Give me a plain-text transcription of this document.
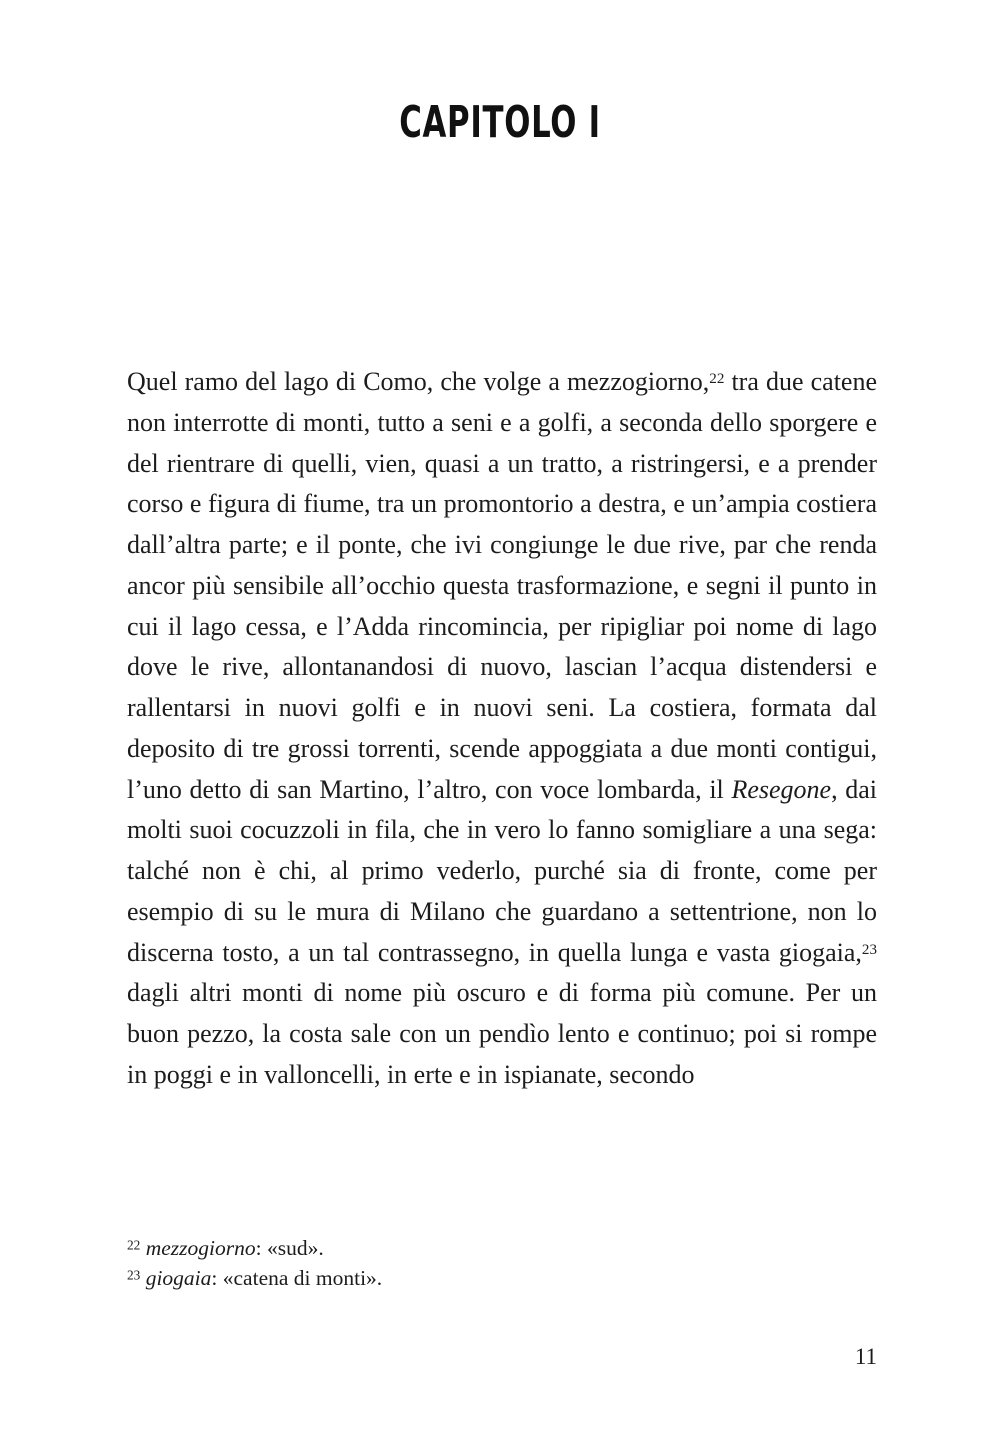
CAPITOLO I

Quel ramo del lago di Como, che volge a mezzogiorno,$^{22}$ tra due catene non interrotte di monti, tutto a seni e a golfi, a seconda dello sporgere e del rientrare di quelli, vien, quasi a un tratto, a ristringersi, e a prender corso e figura di fiume, tra un promontorio a destra, e un’ampia costiera dall’altra parte; e il ponte, che ivi congiunge le due rive, par che renda ancor più sensibile all’occhio questa trasformazione, e segni il punto in cui il lago cessa, e l’Adda rincomincia, per ripigliar poi nome di lago dove le rive, allontanandosi di nuovo, lascian l’acqua distendersi e rallentarsi in nuovi golfi e in nuovi seni. La costiera, formata dal deposito di tre grossi torrenti, scende appoggiata a due monti contigui, l’uno detto di san Martino, l’altro, con voce lombarda, il Resegone, dai molti suoi cocuzzoli in fila, che in vero lo fanno somigliare a una sega: talché non è chi, al primo vederlo, purché sia di fronte, come per esempio di su le mura di Milano che guardano a settentrione, non lo discerna tosto, a un tal contrassegno, in quella lunga e vasta giogaia,$^{23}$ dagli altri monti di nome più oscuro e di forma più comune. Per un buon pezzo, la costa sale con un pendìo lento e continuo; poi si rompe in poggi e in valloncelli, in erte e in ispianate, secondo

$^{22}$ mezzogiorno: «sud».

$^{23}$ giogaia: «catena di monti».

11
